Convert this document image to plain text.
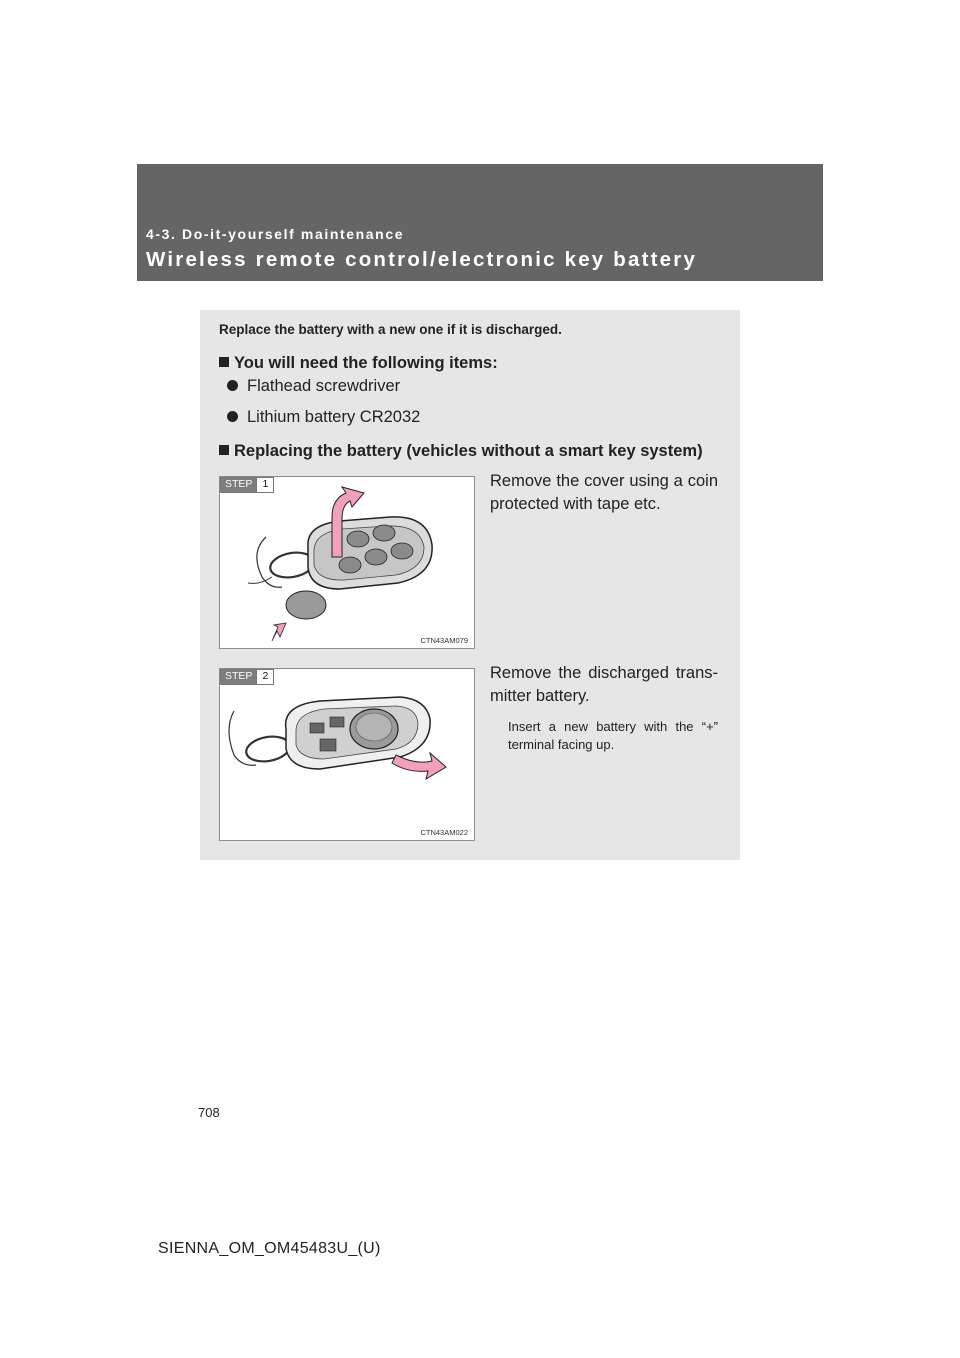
4-3. Do-it-yourself maintenance
Wireless remote control/electronic key battery
Replace the battery with a new one if it is discharged.
You will need the following items:
Flathead screwdriver
Lithium battery CR2032
Replacing the battery (vehicles without a smart key system)
STEP 1
CTN43AM079
Remove the cover using a coin protected with tape etc.
STEP 2
CTN43AM022
Remove the discharged trans-mitter battery.
Insert a new battery with the “+” terminal facing up.
708
SIENNA_OM_OM45483U_(U)
